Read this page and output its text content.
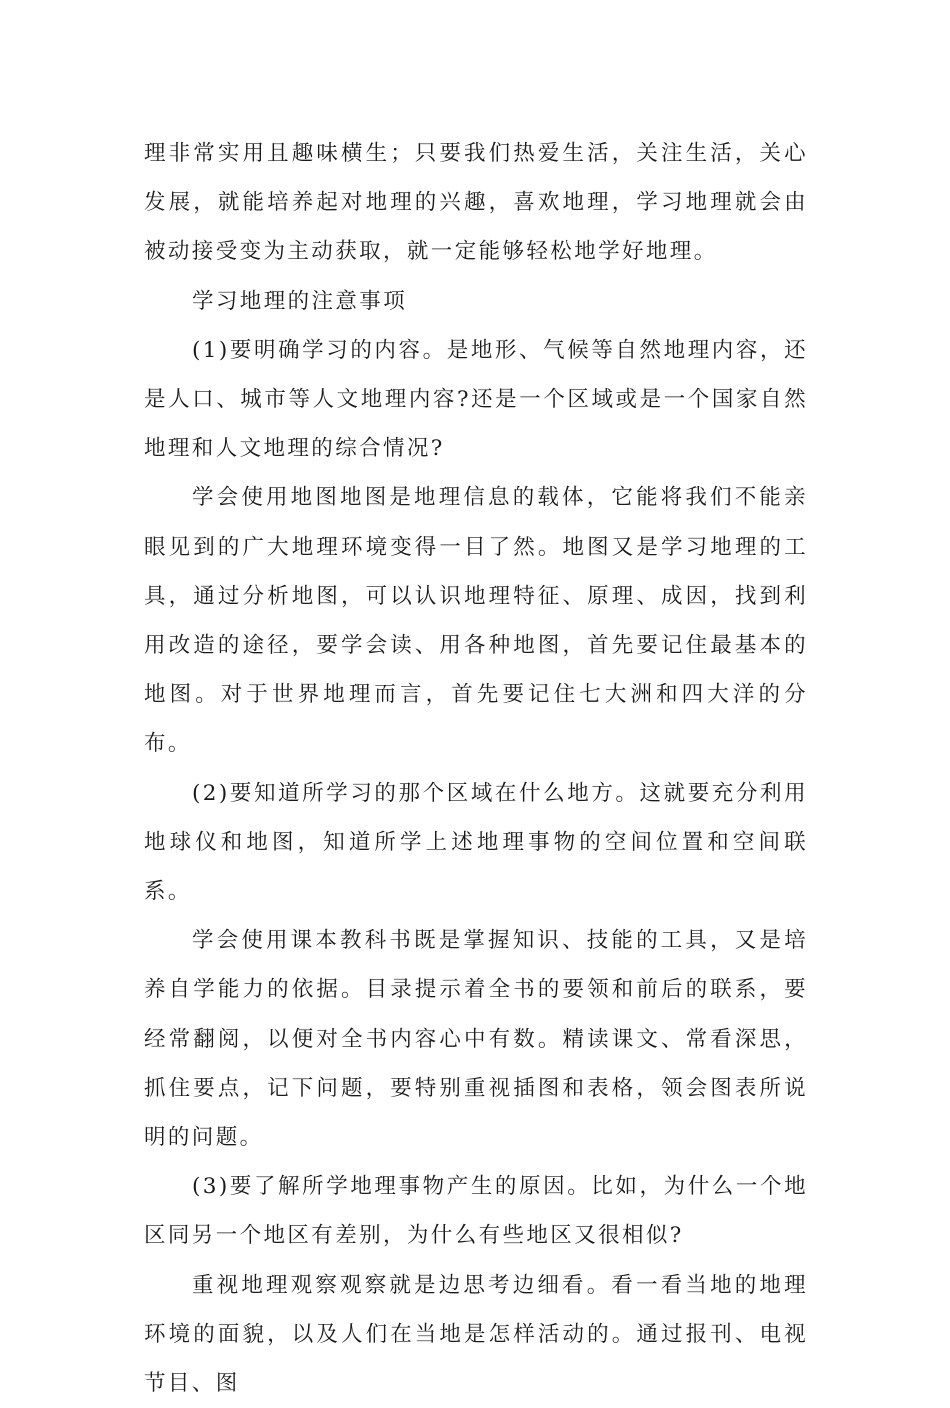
理非常实用且趣味横生；只要我们热爱生活，关注生活，关心发展，就能培养起对地理的兴趣，喜欢地理，学习地理就会由被动接受变为主动获取，就一定能够轻松地学好地理。

学习地理的注意事项

(1)要明确学习的内容。是地形、气候等自然地理内容，还是人口、城市等人文地理内容?还是一个区域或是一个国家自然地理和人文地理的综合情况?

学会使用地图地图是地理信息的载体，它能将我们不能亲眼见到的广大地理环境变得一目了然。地图又是学习地理的工具，通过分析地图，可以认识地理特征、原理、成因，找到利用改造的途径，要学会读、用各种地图，首先要记住最基本的地图。对于世界地理而言，首先要记住七大洲和四大洋的分布。

(2)要知道所学习的那个区域在什么地方。这就要充分利用地球仪和地图，知道所学上述地理事物的空间位置和空间联系。

学会使用课本教科书既是掌握知识、技能的工具，又是培养自学能力的依据。目录提示着全书的要领和前后的联系，要经常翻阅，以便对全书内容心中有数。精读课文、常看深思，抓住要点，记下问题，要特别重视插图和表格，领会图表所说明的问题。

(3)要了解所学地理事物产生的原因。比如，为什么一个地区同另一个地区有差别，为什么有些地区又很相似?

重视地理观察观察就是边思考边细看。看一看当地的地理环境的面貌，以及人们在当地是怎样活动的。通过报刊、电视节目、图
